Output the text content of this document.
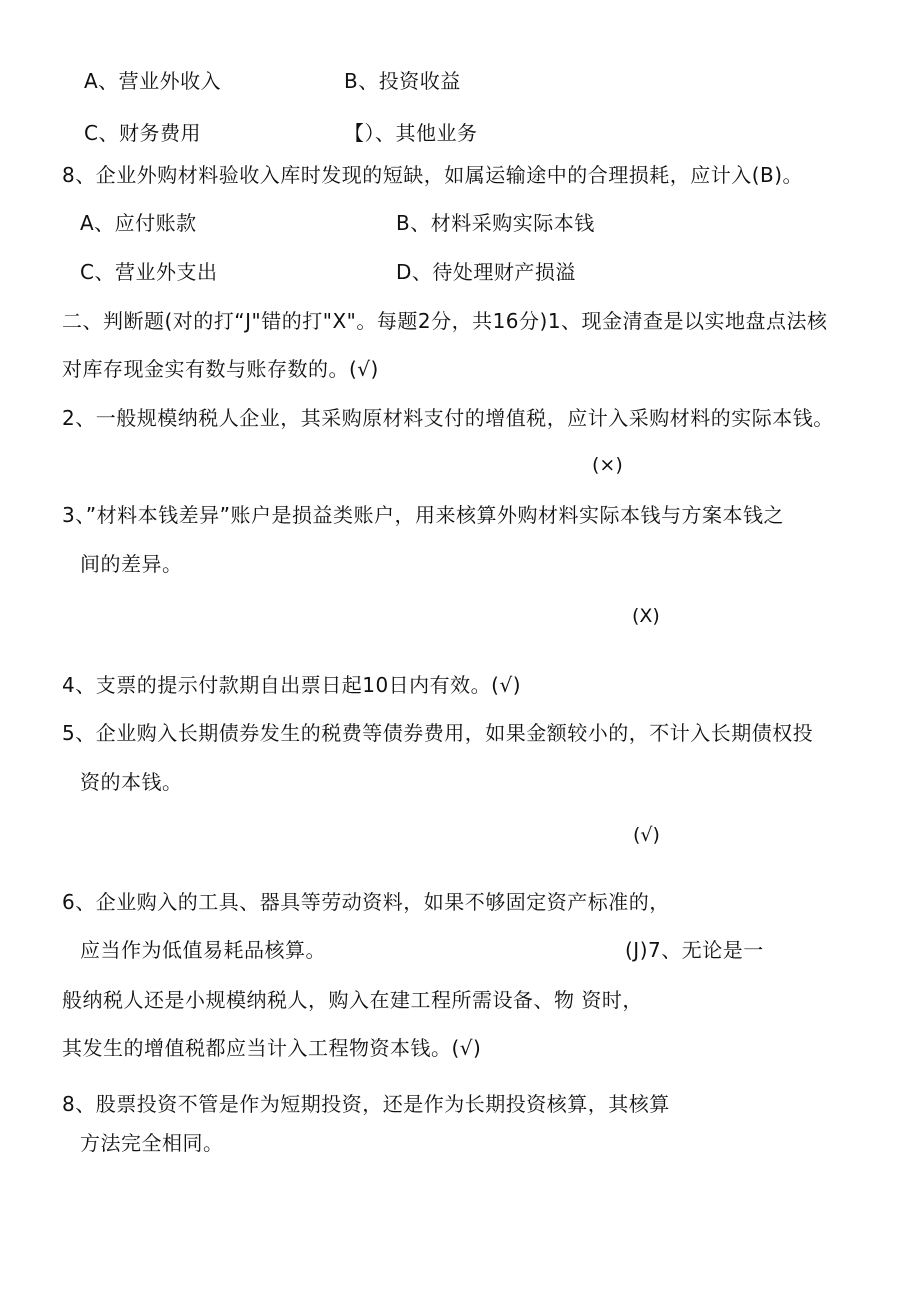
A、营业外收入	B、投资收益
C、财务费用	【）、其他业务
8、企业外购材料验收入库时发现的短缺，如属运输途中的合理损耗，应计入(B)。
A、应付账款	B、材料采购实际本钱
C、营业外支出	D、待处理财产损溢
二、判断题(对的打“J"错的打"X"。每题2分，共16分)1、现金清查是以实地盘点法核
对库存现金实有数与账存数的。(√)
2、一般规模纳税人企业，其采购原材料支付的增值税，应计入采购材料的实际本钱。
(×)
3、”材料本钱差异”账户是损益类账户，用来核算外购材料实际本钱与方案本钱之
间的差异。
(X)
4、支票的提示付款期自出票日起10日内有效。(√)
5、企业购入长期债券发生的税费等债券费用，如果金额较小的，不计入长期债权投
资的本钱。
(√)
6、企业购入的工具、器具等劳动资料，如果不够固定资产标准的，
应当作为低值易耗品核算。	(J)7、无论是一
般纳税人还是小规模纳税人，购入在建工程所需设备、物 资时，
其发生的增值税都应当计入工程物资本钱。(√)
8、股票投资不管是作为短期投资，还是作为长期投资核算，其核算
方法完全相同。
